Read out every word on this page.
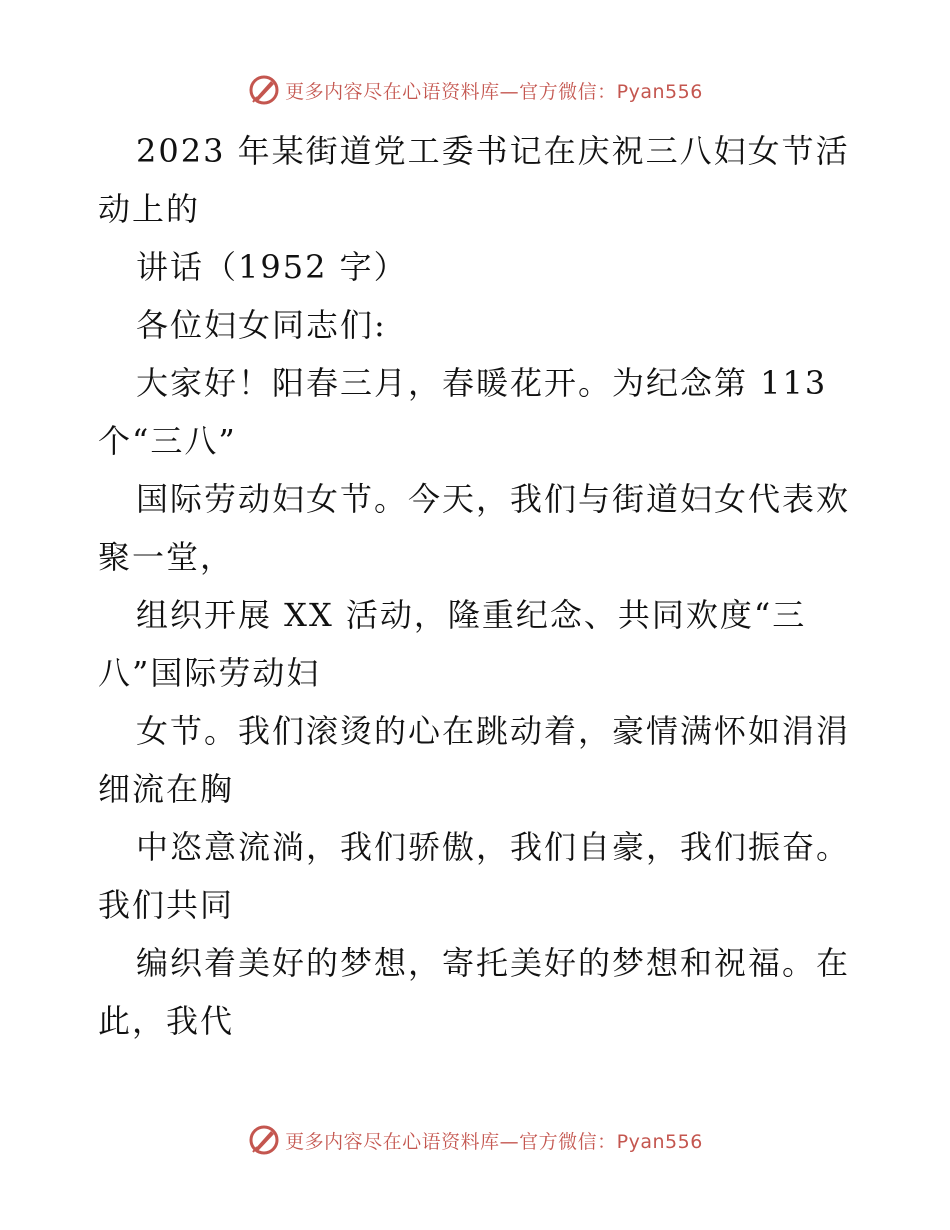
更多内容尽在心语资料库—官方微信：Pyan556
2023 年某街道党工委书记在庆祝三八妇女节活
动上的
讲话（1952 字）
各位妇女同志们:
大家好！阳春三月，春暖花开。为纪念第 113
个“三八”
国际劳动妇女节。今天，我们与街道妇女代表欢
聚一堂，
组织开展 XX 活动，隆重纪念、共同欢度“三
八”国际劳动妇
女节。我们滚烫的心在跳动着，豪情满怀如涓涓
细流在胸
中恣意流淌，我们骄傲，我们自豪，我们振奋。
我们共同
编织着美好的梦想，寄托美好的梦想和祝福。在
此，我代
更多内容尽在心语资料库—官方微信：Pyan556
